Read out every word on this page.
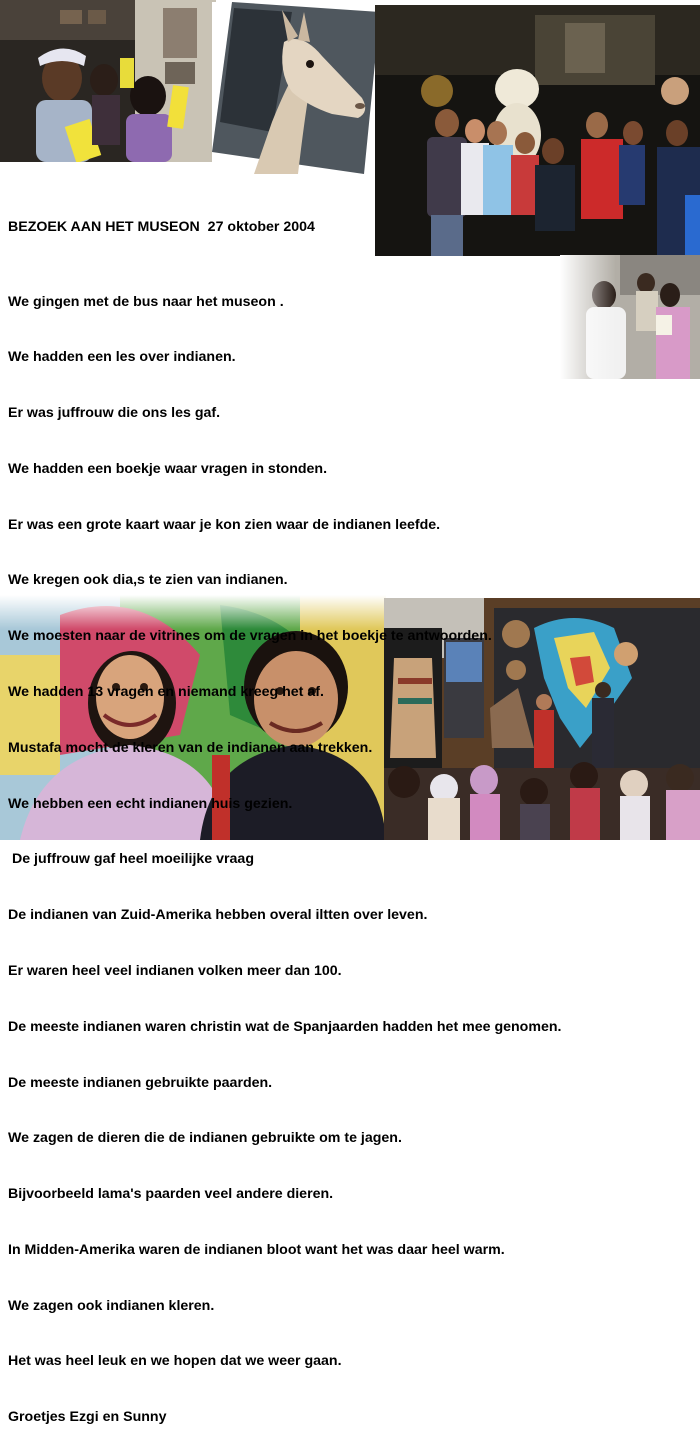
BEZOEK AAN HET MUSEON  27 oktober 2004

We gingen met de bus naar het museon .

We hadden een les over indianen.

Er was juffrouw die ons les gaf.

We hadden een boekje waar vragen in stonden.

Er was een grote kaart waar je kon zien waar de indianen leefde.

We kregen ook dia,s te zien van indianen.

We moesten naar de vitrines om de vragen in het boekje te antwoorden.

We hadden 13 vragen en niemand kreeg het af.

Mustafa mocht de kleren van de indianen aan trekken.

We hebben een echt indianen huis gezien.

De juffrouw gaf heel moeilijke vraag

De indianen van Zuid-Amerika hebben overal iltten over leven.

Er waren heel veel indianen volken meer dan 100.

De meeste indianen waren christin wat de Spanjaarden hadden het mee genomen.

De meeste indianen gebruikte paarden.

We zagen de dieren die de indianen gebruikte om te jagen.

Bijvoorbeeld lama's paarden veel andere dieren.

In Midden-Amerika waren de indianen bloot want het was daar heel warm.

We zagen ook indianen kleren.

Het was heel leuk en we hopen dat we weer gaan.

Groetjes Ezgi en Sunny
